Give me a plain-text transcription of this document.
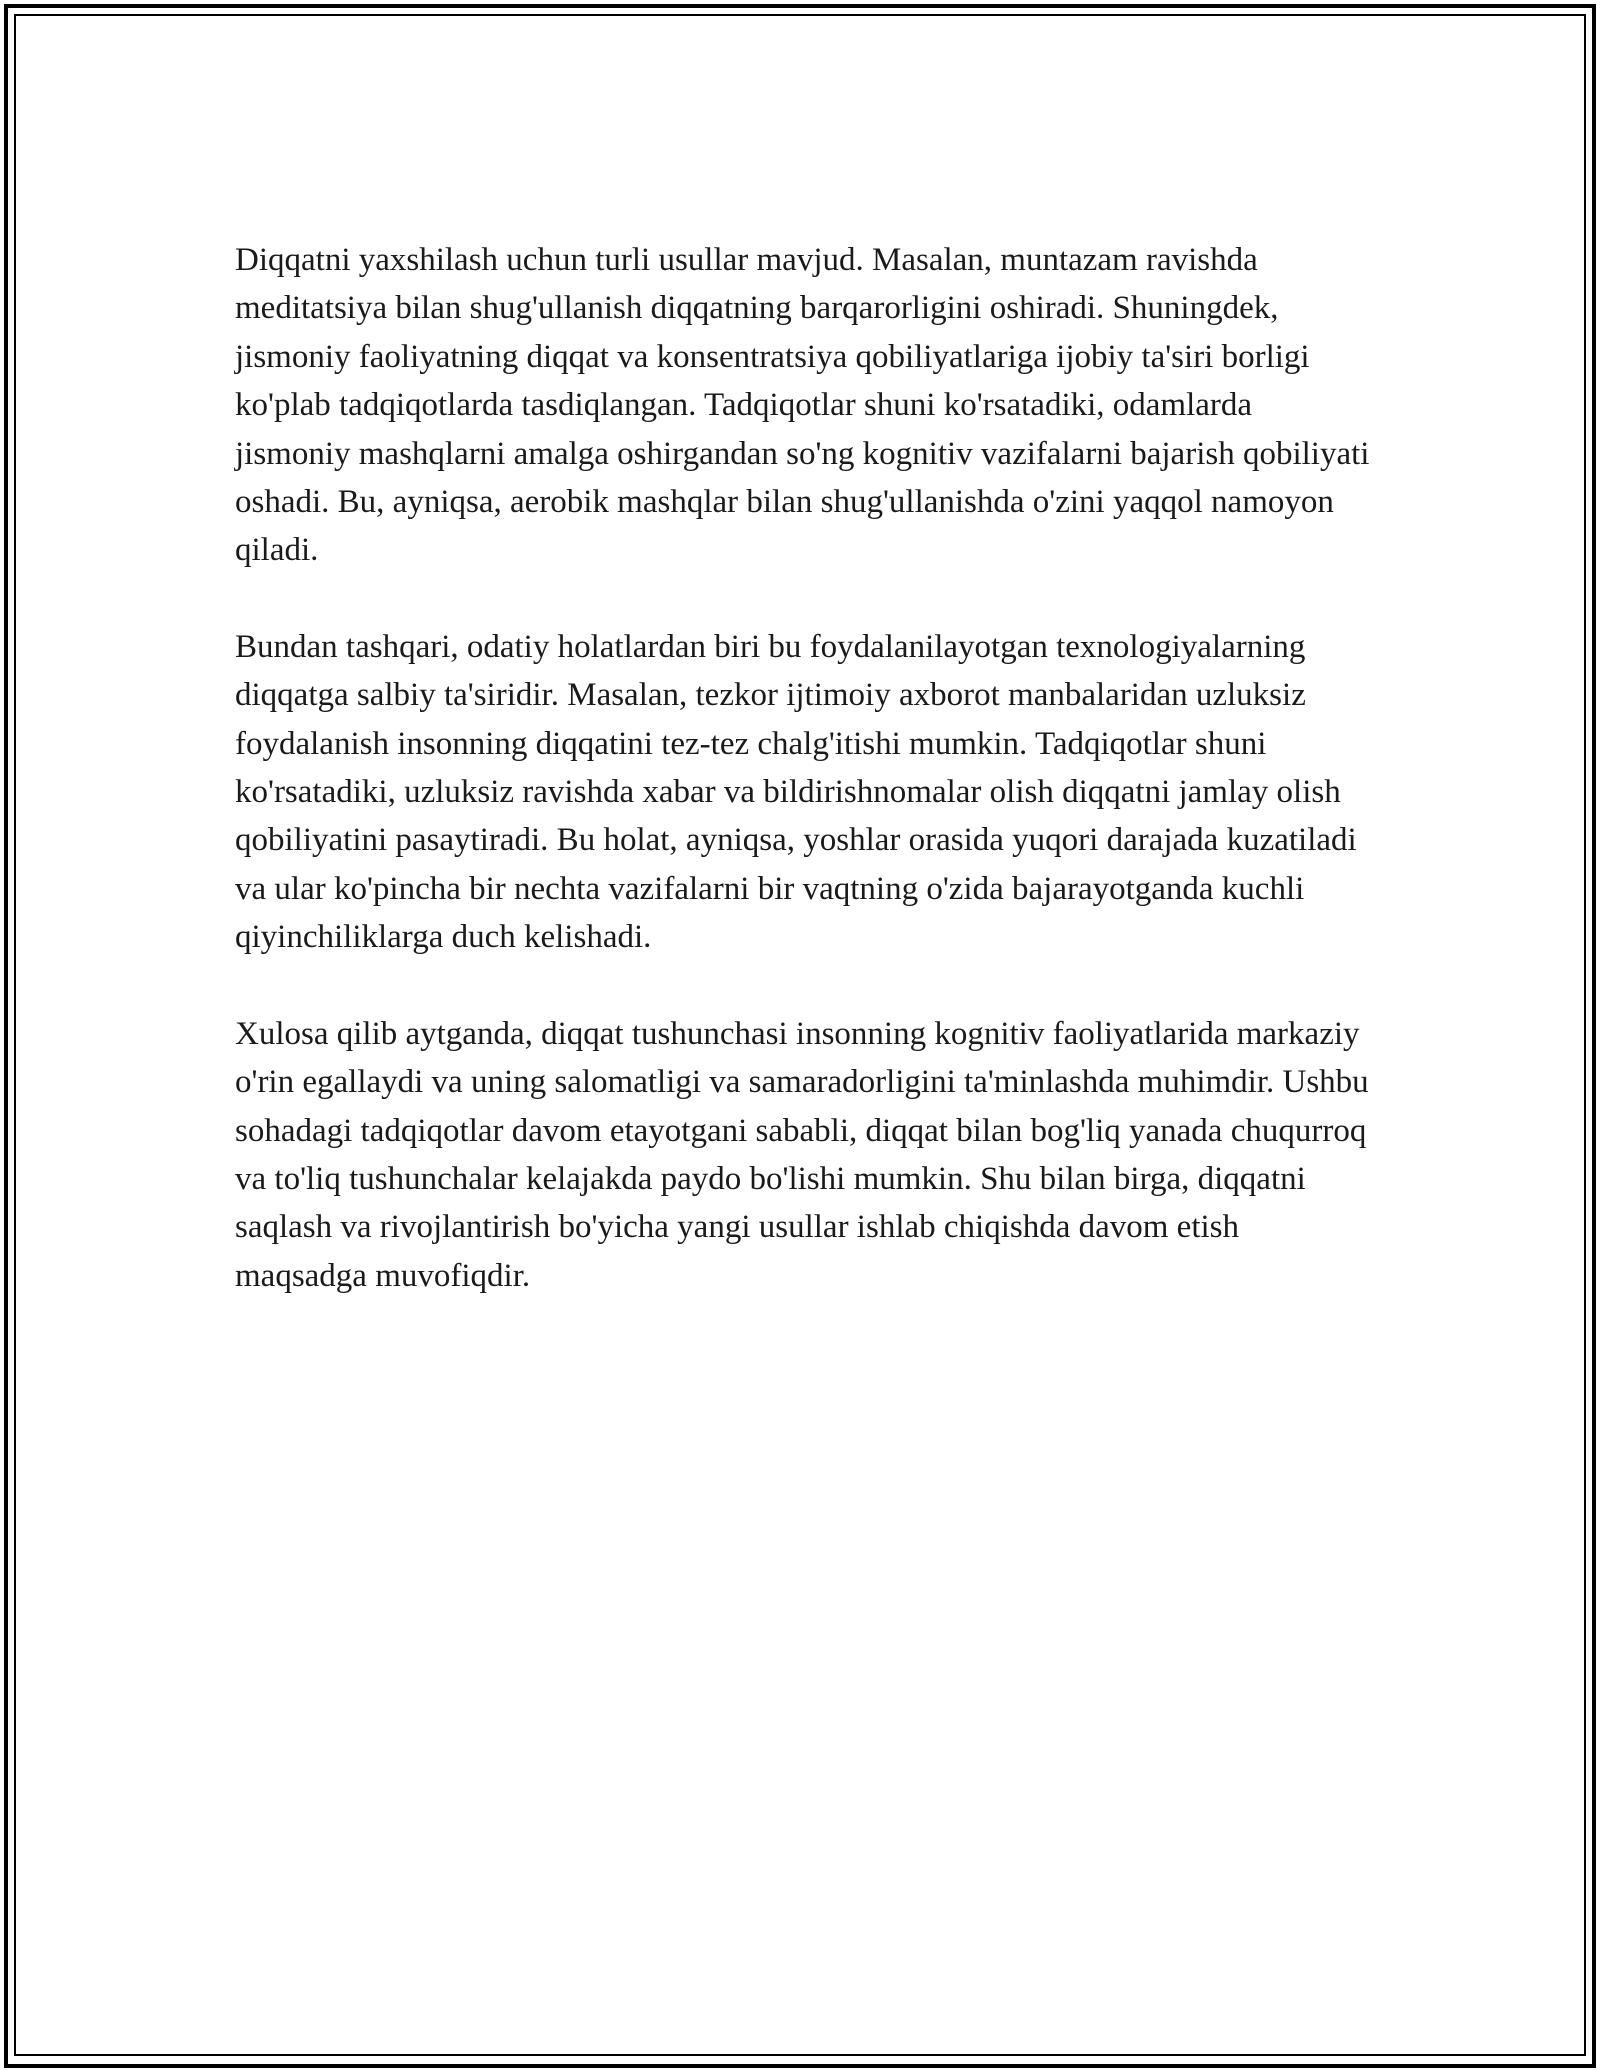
Diqqatni yaxshilash uchun turli usullar mavjud. Masalan, muntazam ravishda meditatsiya bilan shug'ullanish diqqatning barqarorligini oshiradi. Shuningdek, jismoniy faoliyatning diqqat va konsentratsiya qobiliyatlariga ijobiy ta'siri borligi ko'plab tadqiqotlarda tasdiqlangan. Tadqiqotlar shuni ko'rsatadiki, odamlarda jismoniy mashqlarni amalga oshirgandan so'ng kognitiv vazifalarni bajarish qobiliyati oshadi. Bu, ayniqsa, aerobik mashqlar bilan shug'ullanishda o'zini yaqqol namoyon qiladi.

Bundan tashqari, odatiy holatlardan biri bu foydalanilayotgan texnologiyalarning diqqatga salbiy ta'siridir. Masalan, tezkor ijtimoiy axborot manbalaridan uzluksiz foydalanish insonning diqqatini tez-tez chalg'itishi mumkin. Tadqiqotlar shuni ko'rsatadiki, uzluksiz ravishda xabar va bildirishnomalar olish diqqatni jamlay olish qobiliyatini pasaytiradi. Bu holat, ayniqsa, yoshlar orasida yuqori darajada kuzatiladi va ular ko'pincha bir nechta vazifalarni bir vaqtning o'zida bajarayotganda kuchli qiyinchiliklarga duch kelishadi.

Xulosa qilib aytganda, diqqat tushunchasi insonning kognitiv faoliyatlarida markaziy o'rin egallaydi va uning salomatligi va samaradorligini ta'minlashda muhimdir. Ushbu sohadagi tadqiqotlar davom etayotgani sababli, diqqat bilan bog'liq yanada chuqurroq va to'liq tushunchalar kelajakda paydo bo'lishi mumkin. Shu bilan birga, diqqatni saqlash va rivojlantirish bo'yicha yangi usullar ishlab chiqishda davom etish maqsadga muvofiqdir.
